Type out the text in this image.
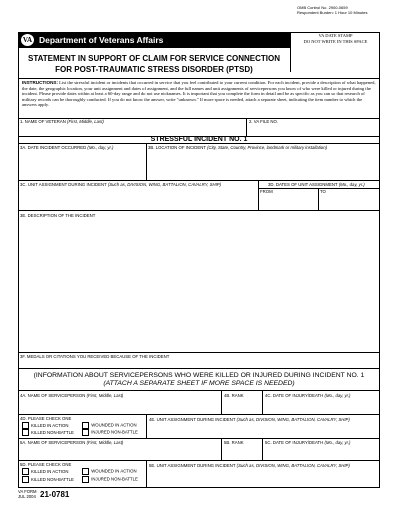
OMB Control No. 2900-0659
Respondent Burden: 1 Hour 10 Minutes
VA Department of Veterans Affairs	VA DATE STAMP
DO NOT WRITE IN THIS SPACE
STATEMENT IN SUPPORT OF CLAIM FOR SERVICE CONNECTION
FOR POST-TRAUMATIC STRESS DISORDER (PTSD)
INSTRUCTIONS: List the stressful incident or incidents that occurred in service that you feel contributed to your current condition. For each incident, provide a description of what happened, the date, the geographic location, your unit assignment and dates of assignment, and the full names and unit assignments of servicepersons you know of who were killed or injured during the incident. Please provide dates within at least a 60-day range and do not use nicknames. It is important that you complete the form in detail and be as specific as you can so that research of military records can be thoroughly conducted. If you do not know the answer, write "unknown." If more space is needed, attach a separate sheet, indicating the item number to which the answers apply.
1. NAME OF VETERAN (First, Middle, Last)	2. VA FILE NO.
STRESSFUL INCIDENT NO. 1
3A. DATE INCIDENT OCCURRED (Mo., day, yr.)	3B. LOCATION OF INCIDENT (City, State, Country, Province, landmark or military installation)
3C. UNIT ASSIGNMENT DURING INCIDENT (Such as, DIVISION, WING, BATTALION, CAVALRY, SHIP)	3D. DATES OF UNIT ASSIGNMENT (Mo., day, yr.)
FROM	TO
3E. DESCRIPTION OF THE INCIDENT
3F. MEDALS OR CITATIONS YOU RECEIVED BECAUSE OF THE INCIDENT
(INFORMATION ABOUT SERVICEPERSONS WHO WERE KILLED OR INJURED DURING INCIDENT NO. 1
(ATTACH A SEPARATE SHEET IF MORE SPACE IS NEEDED)
4A. NAME OF SERVICEPERSON (First, Middle, Last)	4B. RANK	4C. DATE OF INJURY/DEATH (Mo., day, yr.)
4D. PLEASE CHECK ONE
KILLED IN ACTION	WOUNDED IN ACTION
KILLED NON-BATTLE	INJURED NON-BATTLE
4E. UNIT ASSIGNMENT DURING INCIDENT (Such as, DIVISION, WING, BATTALION, CAVALRY, SHIP)
5A. NAME OF SERVICEPERSON (First, Middle, Last)	5B. RANK	5C. DATE OF INJURY/DEATH (Mo., day, yr.)
5D. PLEASE CHECK ONE
KILLED IN ACTION	WOUNDED IN ACTION
KILLED NON-BATTLE	INJURED NON-BATTLE
5E. UNIT ASSIGNMENT DURING INCIDENT (Such as, DIVISION, WING, BATTALION, CAVALRY, SHIP)
VA FORM
JUL 2004 21-0781
